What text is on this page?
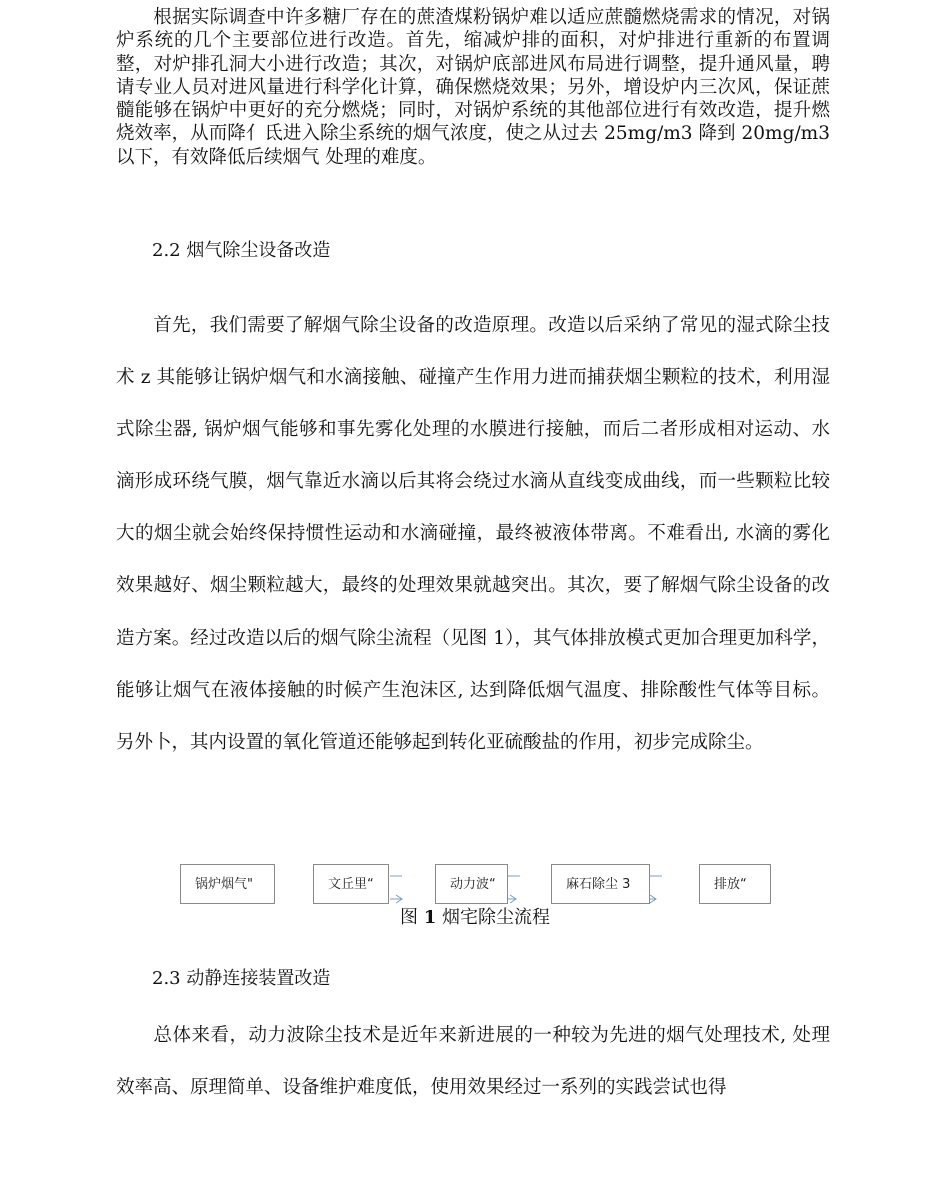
根据实际调查中许多糖厂存在的蔗渣煤粉锅炉难以适应蔗髓燃烧需求的情况，对锅炉系统的几个主要部位进行改造。首先，缩减炉排的面积，对炉排进行重新的布置调整，对炉排孔洞大小进行改造；其次，对锅炉底部进风布局进行调整，提升通风量，聘请专业人员对进风量进行科学化计算，确保燃烧效果；另外，增设炉内三次风，保证蔗髓能够在锅炉中更好的充分燃烧；同时，对锅炉系统的其他部位进行有效改造，提升燃烧效率，从而降亻氐进入除尘系统的烟气浓度，使之从过去 25mg/m3 降到 20mg/m3 以下，有效降低后续烟气 处理的难度。

2.2 烟气除尘设备改造

首先，我们需要了解烟气除尘设备的改造原理。改造以后采纳了常见的湿式除尘技术 z 其能够让锅炉烟气和水滴接触、碰撞产生作用力进而捕获烟尘颗粒的技术，利用湿式除尘器, 锅炉烟气能够和事先雾化处理的水膜进行接触，而后二者形成相对运动、水滴形成环绕气膜，烟气靠近水滴以后其将会绕过水滴从直线变成曲线，而一些颗粒比较大的烟尘就会始终保持惯性运动和水滴碰撞，最终被液体带离。不难看出, 水滴的雾化效果越好、烟尘颗粒越大，最终的处理效果就越突出。其次，要了解烟气除尘设备的改造方案。经过改造以后的烟气除尘流程（见图 1），其气体排放模式更加合理更加科学，能够让烟气在液体接触的时候产生泡沫区, 达到降低烟气温度、排除酸性气体等目标。另外卜，其内设置的氧化管道还能够起到转化亚硫酸盐的作用，初步完成除尘。

锅炉烟气"	文丘里“	动力波“	麻石除尘 3	排放“

图 1 烟宅除尘流程

2.3 动静连接装置改造

总体来看，动力波除尘技术是近年来新进展的一种较为先进的烟气处理技术, 处理效率高、原理简单、设备维护难度低，使用效果经过一系列的实践尝试也得
